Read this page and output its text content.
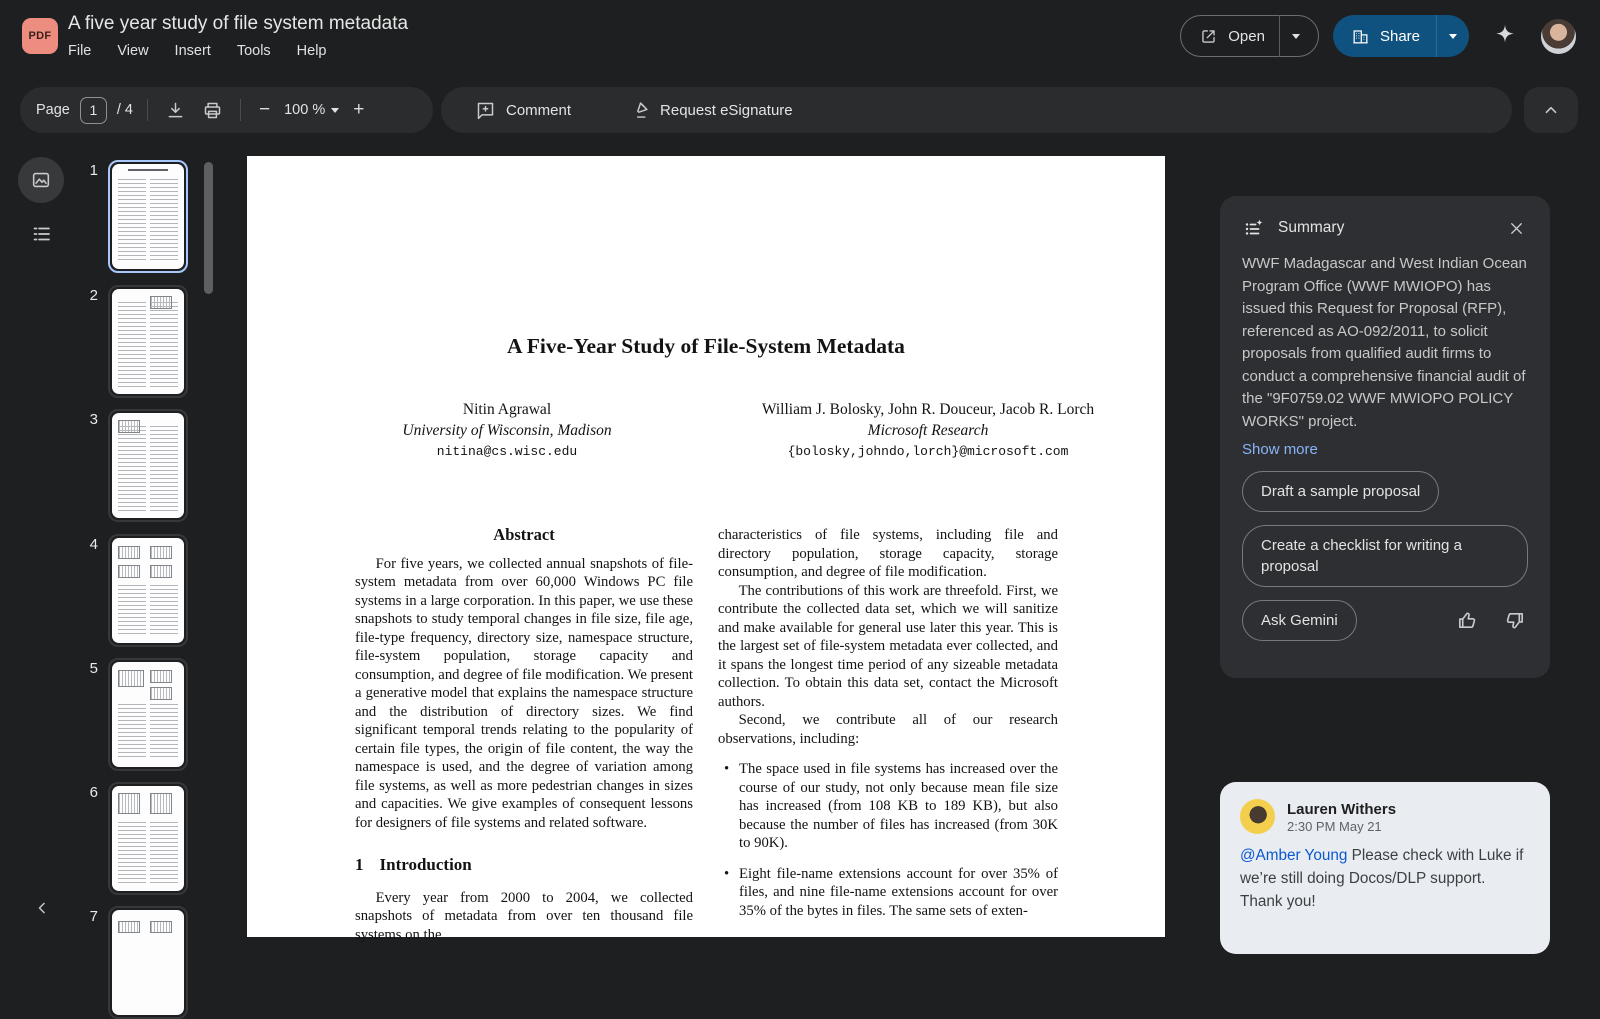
PDF
A five year study of file system metadata
File View Insert Tools Help
Open	Share
Page	1	/ 4	− 100 % +	Comment	Request eSignature
1
2
3
4
5
6
7
A Five-Year Study of File-System Metadata
Nitin Agrawal
University of Wisconsin, Madison
nitina@cs.wisc.edu
William J. Bolosky, John R. Douceur, Jacob R. Lorch
Microsoft Research
{bolosky,johndo,lorch}@microsoft.com
Abstract

For five years, we collected annual snapshots of file-system metadata from over 60,000 Windows PC file systems in a large corporation. In this paper, we use these snapshots to study temporal changes in file size, file age, file-type frequency, directory size, namespace structure, file-system population, storage capacity and consumption, and degree of file modification. We present a generative model that explains the namespace structure and the distribution of directory sizes. We find significant temporal trends relating to the popularity of certain file types, the origin of file content, the way the namespace is used, and the degree of variation among file systems, as well as more pedestrian changes in sizes and capacities. We give examples of consequent lessons for designers of file systems and related software.

1 Introduction

Every year from 2000 to 2004, we collected snapshots of metadata from over ten thousand file systems on the

characteristics of file systems, including file and directory population, storage capacity, storage consumption, and degree of file modification.

The contributions of this work are threefold. First, we contribute the collected data set, which we will sanitize and make available for general use later this year. This is the largest set of file-system metadata ever collected, and it spans the longest time period of any sizeable metadata collection. To obtain this data set, contact the Microsoft authors.

Second, we contribute all of our research observations, including:

• The space used in file systems has increased over the course of our study, not only because mean file size has increased (from 108 KB to 189 KB), but also because the number of files has increased (from 30K to 90K).
• Eight file-name extensions account for over 35% of files, and nine file-name extensions account for over 35% of the bytes in files. The same sets of exten-
Summary

WWF Madagascar and West Indian Ocean Program Office (WWF MWIOPO) has issued this Request for Proposal (RFP), referenced as AO-092/2011, to solicit proposals from qualified audit firms to conduct a comprehensive financial audit of the "9F0759.02 WWF MWIOPO POLICY WORKS" project.

Show more
Draft a sample proposal
Create a checklist for writing a proposal
Ask Gemini
Lauren Withers
2:30 PM May 21
@Amber Young Please check with Luke if we’re still doing Docos/DLP support. Thank you!
